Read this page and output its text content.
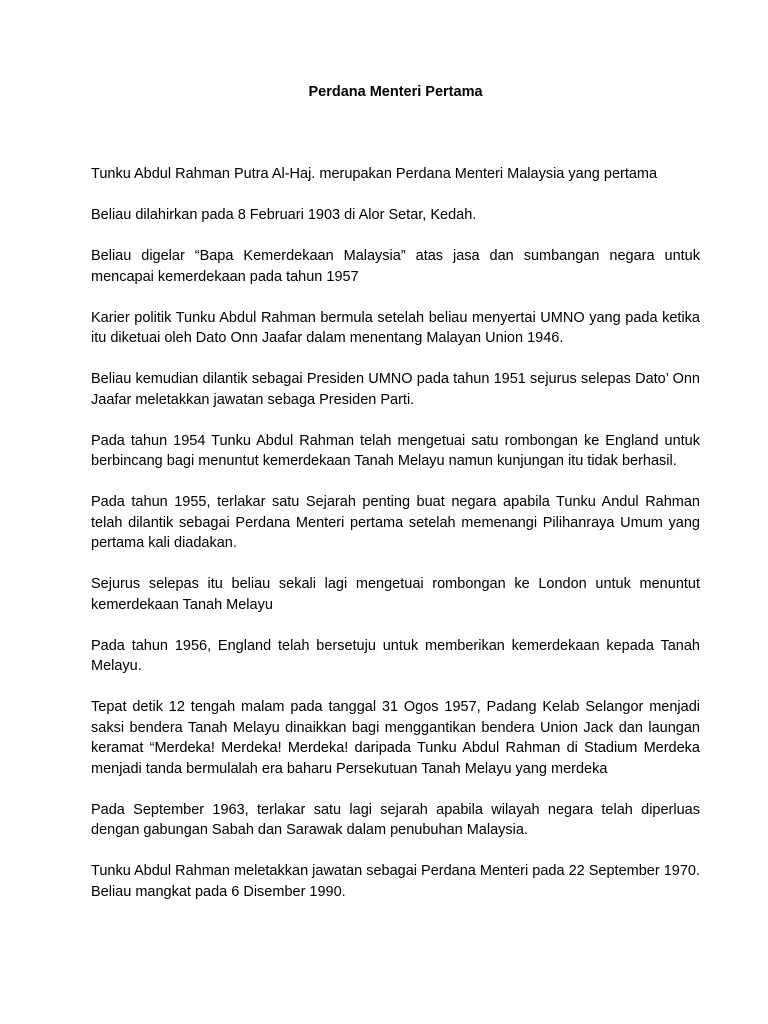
Perdana Menteri Pertama

Tunku Abdul Rahman Putra Al-Haj. merupakan Perdana Menteri Malaysia yang pertama

Beliau dilahirkan pada 8 Februari 1903 di Alor Setar, Kedah.

Beliau digelar “Bapa Kemerdekaan Malaysia” atas jasa dan sumbangan negara untuk mencapai kemerdekaan pada tahun 1957

Karier politik Tunku Abdul Rahman bermula setelah beliau menyertai UMNO yang pada ketika itu diketuai oleh Dato Onn Jaafar dalam menentang Malayan Union 1946.

Beliau kemudian dilantik sebagai Presiden UMNO pada tahun 1951 sejurus selepas Dato’ Onn Jaafar meletakkan jawatan sebaga Presiden Parti.

Pada tahun 1954 Tunku Abdul Rahman telah mengetuai satu rombongan ke England untuk berbincang bagi menuntut kemerdekaan Tanah Melayu namun kunjungan itu tidak berhasil.

Pada tahun 1955, terlakar satu Sejarah penting buat negara apabila Tunku Andul Rahman telah dilantik sebagai Perdana Menteri pertama setelah memenangi Pilihanraya Umum yang pertama kali diadakan.

Sejurus selepas itu beliau sekali lagi mengetuai rombongan ke London untuk menuntut kemerdekaan Tanah Melayu

Pada tahun 1956, England telah bersetuju untuk memberikan kemerdekaan kepada Tanah Melayu.

Tepat detik 12 tengah malam pada tanggal 31 Ogos 1957, Padang Kelab Selangor menjadi saksi bendera Tanah Melayu dinaikkan bagi menggantikan bendera Union Jack dan laungan keramat “Merdeka! Merdeka! Merdeka! daripada Tunku Abdul Rahman di Stadium Merdeka menjadi tanda bermulalah era baharu Persekutuan Tanah Melayu yang merdeka

Pada September 1963, terlakar satu lagi sejarah apabila wilayah negara telah diperluas dengan gabungan Sabah dan Sarawak dalam penubuhan Malaysia.

Tunku Abdul Rahman meletakkan jawatan sebagai Perdana Menteri pada 22 September 1970. Beliau mangkat pada 6 Disember 1990.
